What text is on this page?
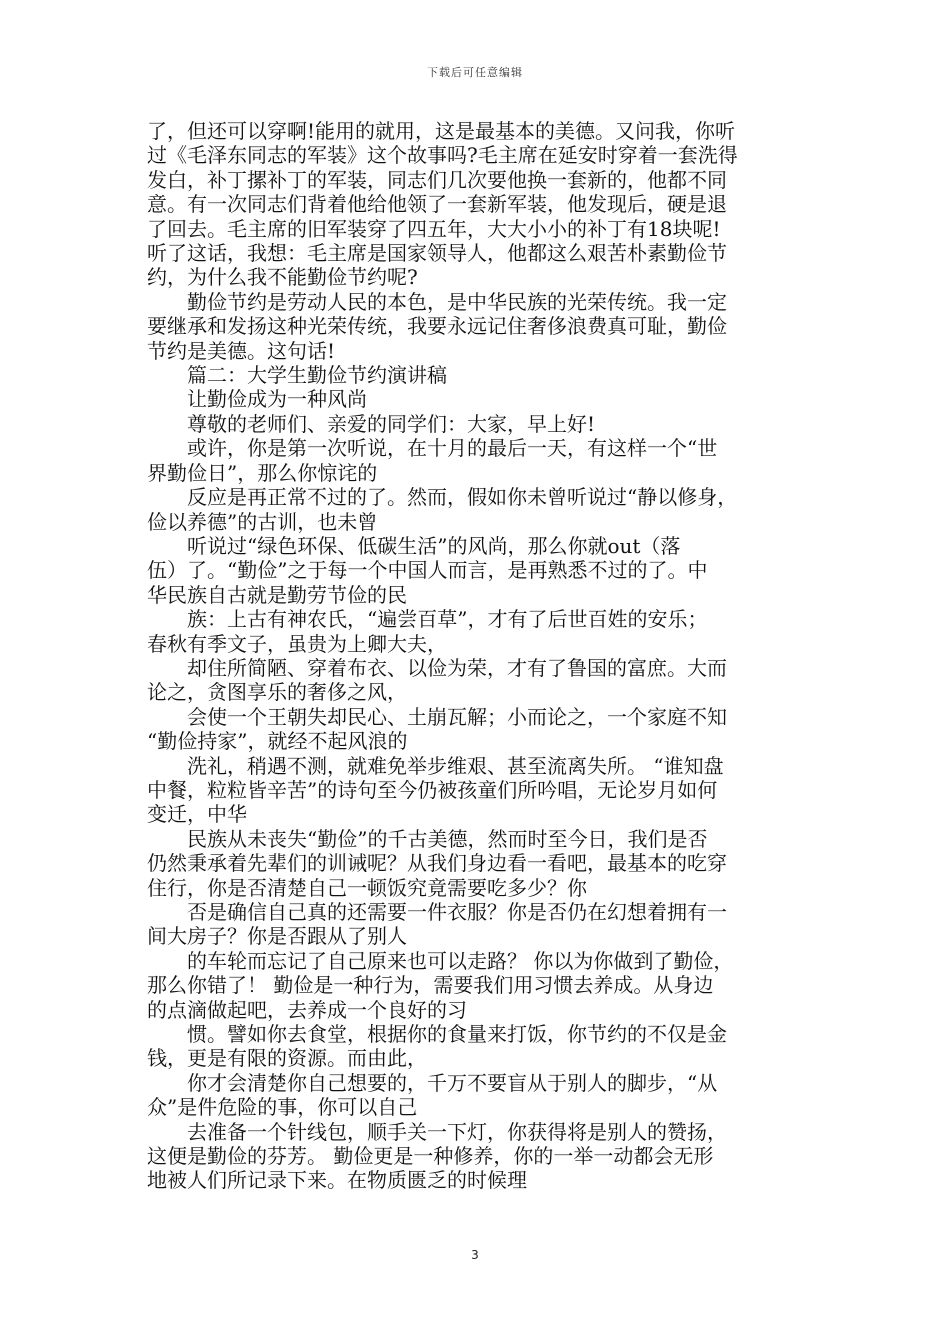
下载后可任意编辑
了，但还可以穿啊!能用的就用，这是最基本的美德。又问我，你听
过《毛泽东同志的军装》这个故事吗?毛主席在延安时穿着一套洗得
发白，补丁摞补丁的军装，同志们几次要他换一套新的，他都不同
意。有一次同志们背着他给他领了一套新军装，他发现后，硬是退
了回去。毛主席的旧军装穿了四五年，大大小小的补丁有18块呢!
听了这话，我想：毛主席是国家领导人，他都这么艰苦朴素勤俭节
约，为什么我不能勤俭节约呢?
勤俭节约是劳动人民的本色，是中华民族的光荣传统。我一定
要继承和发扬这种光荣传统，我要永远记住奢侈浪费真可耻，勤俭
节约是美德。这句话!
篇二：大学生勤俭节约演讲稿
让勤俭成为一种风尚
尊敬的老师们、亲爱的同学们：大家，早上好!
或许，你是第一次听说，在十月的最后一天，有这样一个“世
界勤俭日”，那么你惊诧的
反应是再正常不过的了。然而，假如你未曾听说过“静以修身，
俭以养德”的古训，也未曾
听说过“绿色环保、低碳生活”的风尚，那么你就out（落
伍）了。“勤俭”之于每一个中国人而言，是再熟悉不过的了。中
华民族自古就是勤劳节俭的民
族：上古有神农氏，“遍尝百草”，才有了后世百姓的安乐；
春秋有季文子，虽贵为上卿大夫，
却住所简陋、穿着布衣、以俭为荣，才有了鲁国的富庶。大而
论之，贪图享乐的奢侈之风，
会使一个王朝失却民心、土崩瓦解；小而论之，一个家庭不知
“勤俭持家”，就经不起风浪的
洗礼，稍遇不测，就难免举步维艰、甚至流离失所。 “谁知盘
中餐，粒粒皆辛苦”的诗句至今仍被孩童们所吟唱，无论岁月如何
变迁，中华
民族从未丧失“勤俭”的千古美德，然而时至今日，我们是否
仍然秉承着先辈们的训诫呢？从我们身边看一看吧，最基本的吃穿
住行，你是否清楚自己一顿饭究竟需要吃多少？你
否是确信自己真的还需要一件衣服？你是否仍在幻想着拥有一
间大房子？你是否跟从了别人
的车轮而忘记了自己原来也可以走路？ 你以为你做到了勤俭，
那么你错了！ 勤俭是一种行为，需要我们用习惯去养成。从身边
的点滴做起吧，去养成一个良好的习
惯。譬如你去食堂，根据你的食量来打饭，你节约的不仅是金
钱，更是有限的资源。而由此，
你才会清楚你自己想要的，千万不要盲从于别人的脚步，“从
众”是件危险的事，你可以自己
去准备一个针线包，顺手关一下灯，你获得将是别人的赞扬，
这便是勤俭的芬芳。 勤俭更是一种修养，你的一举一动都会无形
地被人们所记录下来。在物质匮乏的时候理
3
